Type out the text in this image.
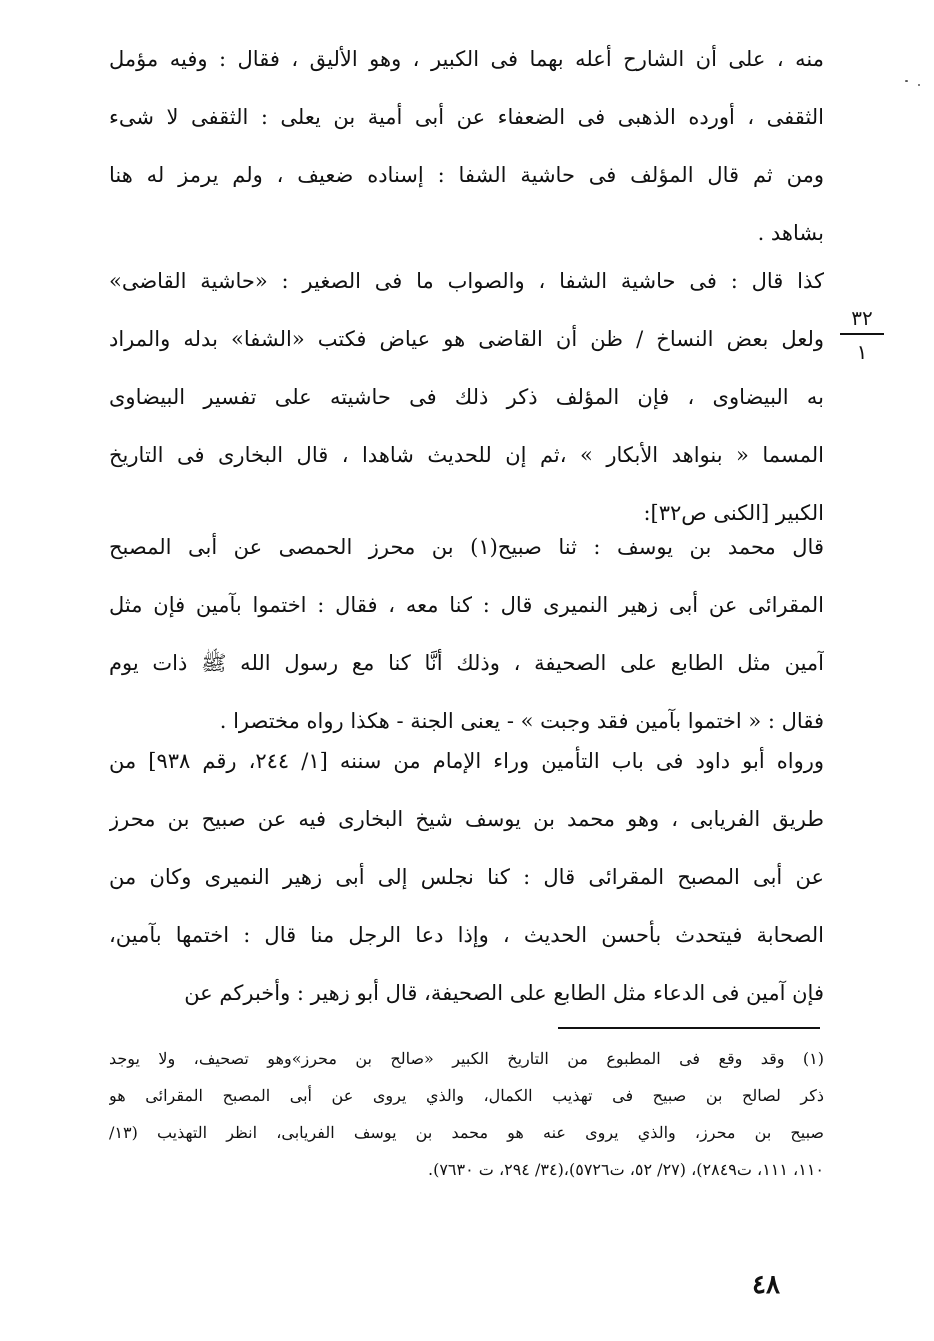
منه ، على أن الشارح أعله بهما فى الكبير ، وهو الأليق ، فقال : وفيه مؤمل
الثقفى ، أورده الذهبى فى الضعفاء عن أبى أمية بن يعلى : الثقفى لا شىء
ومن ثم قال المؤلف فى حاشية الشفا : إسناده ضعيف ، ولم يرمز له هنا
بشاهد .
كذا قال : فى حاشية الشفا ، والصواب ما فى الصغير : «حاشية القاضى»
ولعل بعض النساخ / ظن أن القاضى هو عياض فكتب «الشفا» بدله والمراد
به البيضاوى ، فإن المؤلف ذكر ذلك فى حاشيته على تفسير البيضاوى
المسما « بنواهد الأبكار » ،ثم إن للحديث شاهدا ، قال البخارى فى التاريخ
الكبير [الكنى ص٣٢]:
٣٢
١
قال محمد بن يوسف : ثنا صبيح(١) بن محرز الحمصى عن أبى المصبح
المقرائى عن أبى زهير النميرى قال : كنا معه ، فقال : اختموا بآمين فإن مثل
آمين مثل الطابع على الصحيفة ، وذلك أنَّا كنا مع رسول الله ﷺ ذات يوم
فقال : « اختموا بآمين فقد وجبت » - يعنى الجنة - هكذا رواه مختصرا .
ورواه أبو داود فى باب التأمين وراء الإمام من سننه [١/ ٢٤٤، رقم ٩٣٨] من
طريق الفريابى ، وهو محمد بن يوسف شيخ البخارى فيه عن صبيح بن محرز
عن أبى المصبح المقرائى قال : كنا نجلس إلى أبى زهير النميرى وكان من
الصحابة فيتحدث بأحسن الحديث ، وإذا دعا الرجل منا قال : اختمها بآمين،
فإن آمين فى الدعاء مثل الطابع على الصحيفة، قال أبو زهير : وأخبركم عن
(١) وقد وقع فى المطبوع من التاريخ الكبير «صالح بن محرز»وهو تصحيف، ولا يوجد
ذكر لصالح بن صبيح فى تهذيب الكمال، والذي يروى عن أبى المصبح المقرائى هو
صبيح بن محرز، والذي يروى عنه هو محمد بن يوسف الفريابى، انظر التهذيب (١٣/
١١٠، ١١١، ت٢٨٤٩)، (٢٧/ ٥٢، ت٥٧٢٦)،(٣٤/ ٢٩٤، ت ٧٦٣٠).
٤٨
